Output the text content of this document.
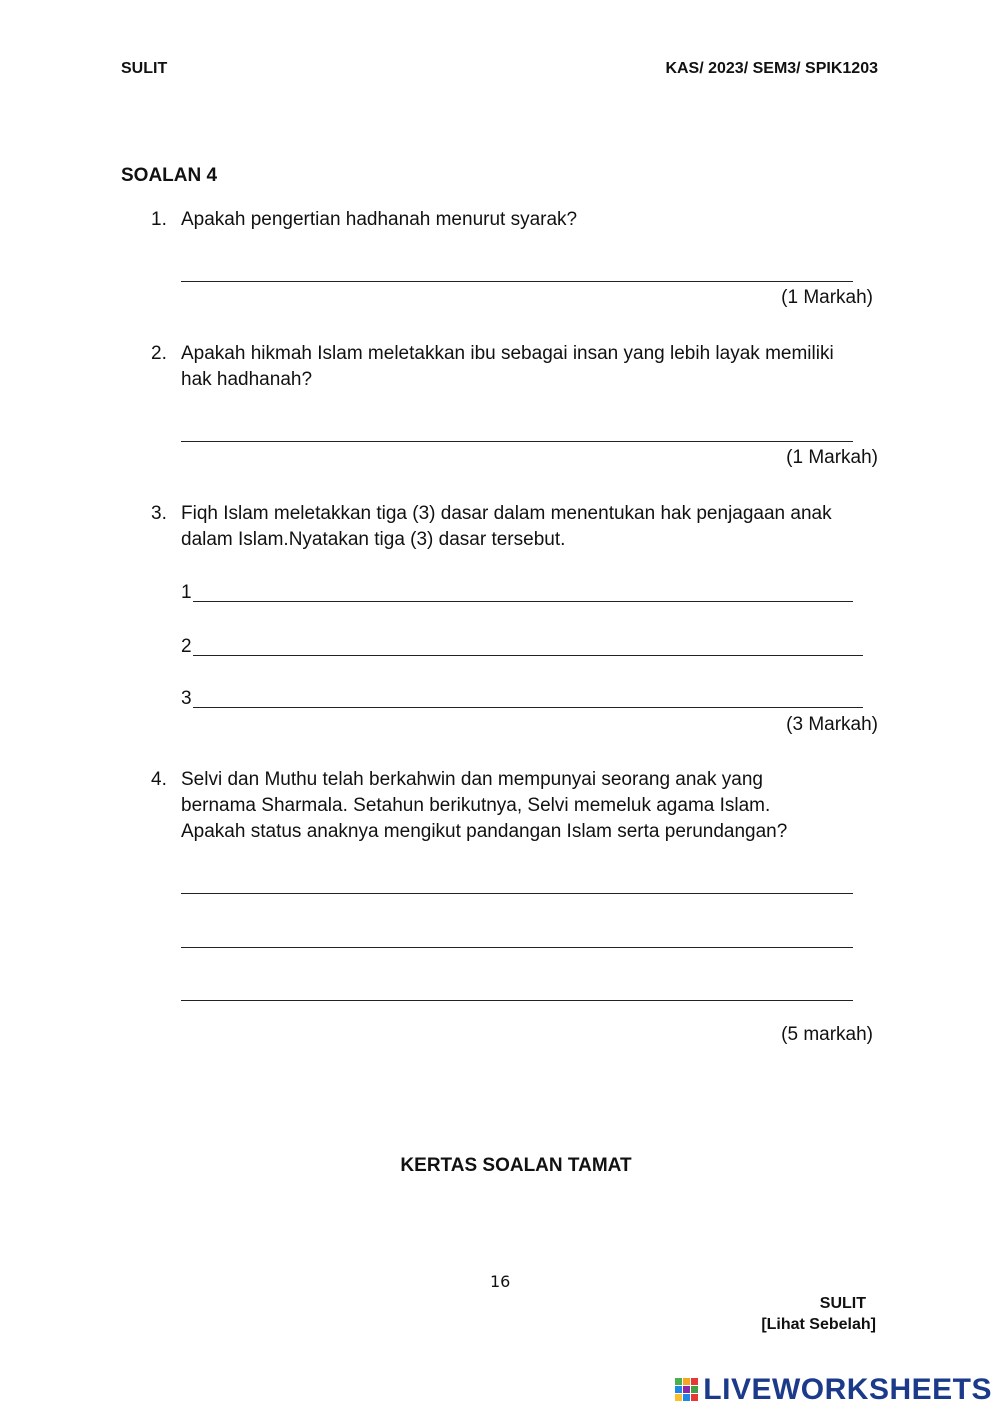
SULIT	KAS/ 2023/ SEM3/ SPIK1203
SOALAN 4
1. Apakah pengertian hadhanah menurut syarak?
(1 Markah)
2. Apakah hikmah Islam meletakkan ibu sebagai insan yang lebih layak memiliki
hak hadhanah?
(1 Markah)
3. Fiqh Islam meletakkan tiga (3) dasar dalam menentukan hak penjagaan anak
dalam Islam.Nyatakan tiga (3) dasar tersebut.
1
2
3
(3 Markah)
4. Selvi dan Muthu telah berkahwin dan mempunyai seorang anak yang
bernama Sharmala. Setahun berikutnya, Selvi memeluk agama Islam.
Apakah status anaknya mengikut pandangan Islam serta perundangan?
(5 markah)
KERTAS SOALAN TAMAT
16
SULIT
[Lihat Sebelah]
LIVEWORKSHEETS
